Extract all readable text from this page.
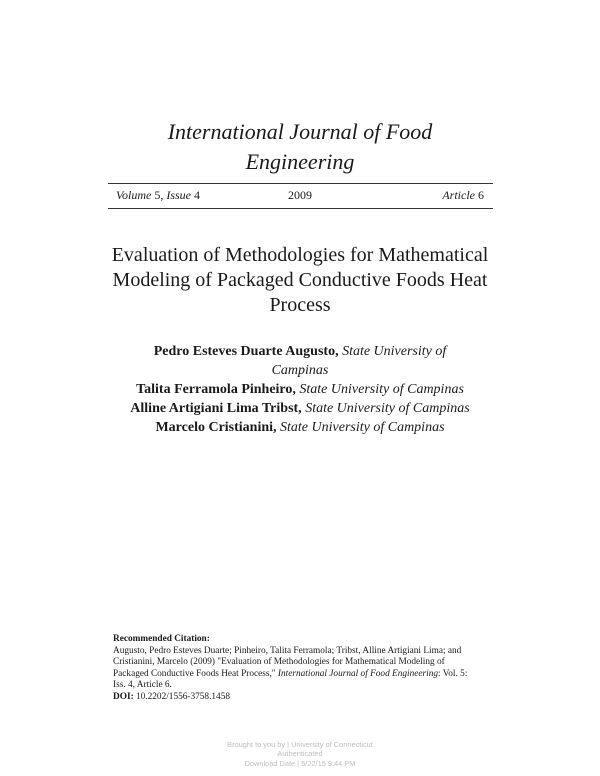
International Journal of Food
Engineering
Volume 5, Issue 4	2009	Article 6
Evaluation of Methodologies for Mathematical
Modeling of Packaged Conductive Foods Heat
Process
Pedro Esteves Duarte Augusto, State University of
Campinas
Talita Ferramola Pinheiro, State University of Campinas
Alline Artigiani Lima Tribst, State University of Campinas
Marcelo Cristianini, State University of Campinas
Recommended Citation:
Augusto, Pedro Esteves Duarte; Pinheiro, Talita Ferramola; Tribst, Alline Artigiani Lima; and
Cristianini, Marcelo (2009) "Evaluation of Methodologies for Mathematical Modeling of
Packaged Conductive Foods Heat Process," International Journal of Food Engineering: Vol. 5:
Iss. 4, Article 6.
DOI: 10.2202/1556-3758.1458
Brought to you by | University of Connecticut
Authenticated
Download Date | 5/22/15 9:44 PM
